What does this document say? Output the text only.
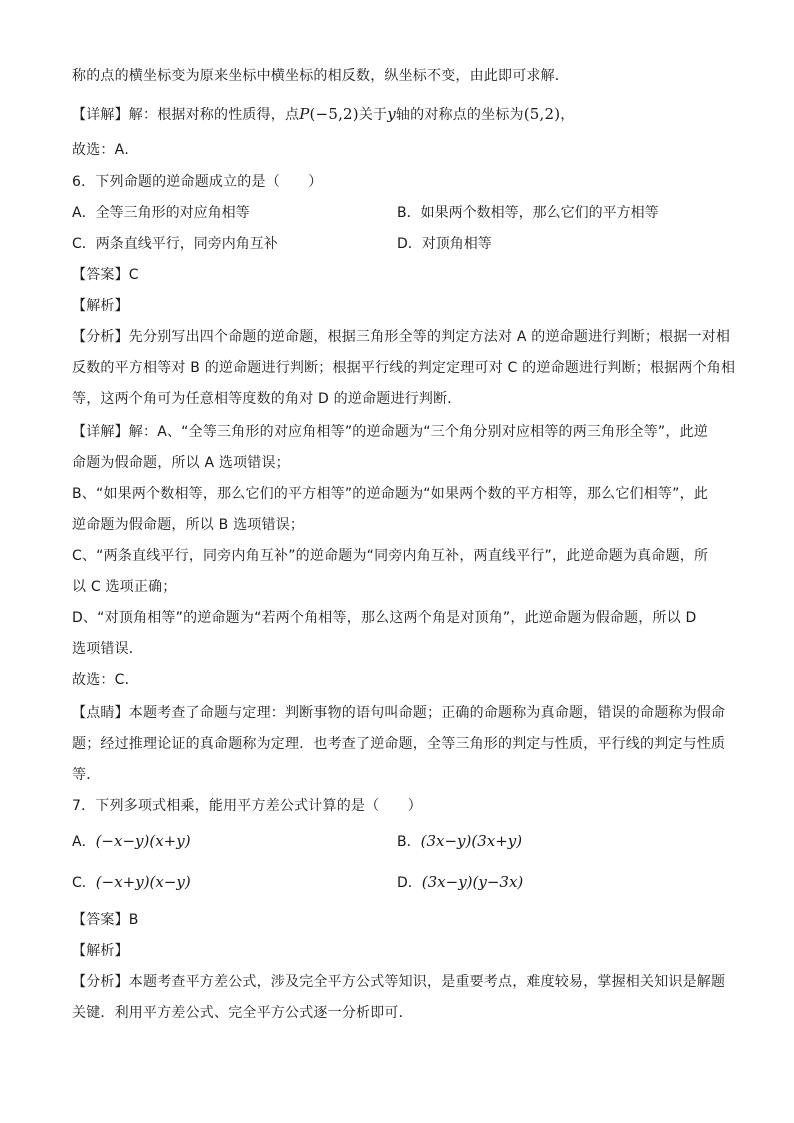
称的点的横坐标变为原来坐标中横坐标的相反数，纵坐标不变，由此即可求解．
【详解】解：根据对称的性质得，点P(−5,2)关于y轴的对称点的坐标为(5,2)，
故选：A．
6．下列命题的逆命题成立的是（　　）
A．全等三角形的对应角相等	B．如果两个数相等，那么它们的平方相等
C．两条直线平行，同旁内角互补	D．对顶角相等
【答案】C
【解析】
【分析】先分别写出四个命题的逆命题，根据三角形全等的判定方法对 A 的逆命题进行判断；根据一对相
反数的平方相等对 B 的逆命题进行判断；根据平行线的判定定理可对 C 的逆命题进行判断；根据两个角相
等，这两个角可为任意相等度数的角对 D 的逆命题进行判断．
【详解】解：A、“全等三角形的对应角相等”的逆命题为“三个角分别对应相等的两三角形全等”，此逆
命题为假命题，所以 A 选项错误；
B、“如果两个数相等，那么它们的平方相等”的逆命题为“如果两个数的平方相等，那么它们相等”，此
逆命题为假命题，所以 B 选项错误；
C、“两条直线平行，同旁内角互补”的逆命题为“同旁内角互补，两直线平行”，此逆命题为真命题，所
以 C 选项正确；
D、“对顶角相等”的逆命题为“若两个角相等，那么这两个角是对顶角”，此逆命题为假命题，所以 D
选项错误．
故选：C．
【点睛】本题考查了命题与定理：判断事物的语句叫命题；正确的命题称为真命题，错误的命题称为假命
题；经过推理论证的真命题称为定理．也考查了逆命题，全等三角形的判定与性质，平行线的判定与性质
等．
7．下列多项式相乘，能用平方差公式计算的是（　　）
A．(−x−y)(x+y)	B．(3x−y)(3x+y)
C．(−x+y)(x−y)	D．(3x−y)(y−3x)
【答案】B
【解析】
【分析】本题考查平方差公式，涉及完全平方公式等知识，是重要考点，难度较易，掌握相关知识是解题
关键．利用平方差公式、完全平方公式逐一分析即可．
